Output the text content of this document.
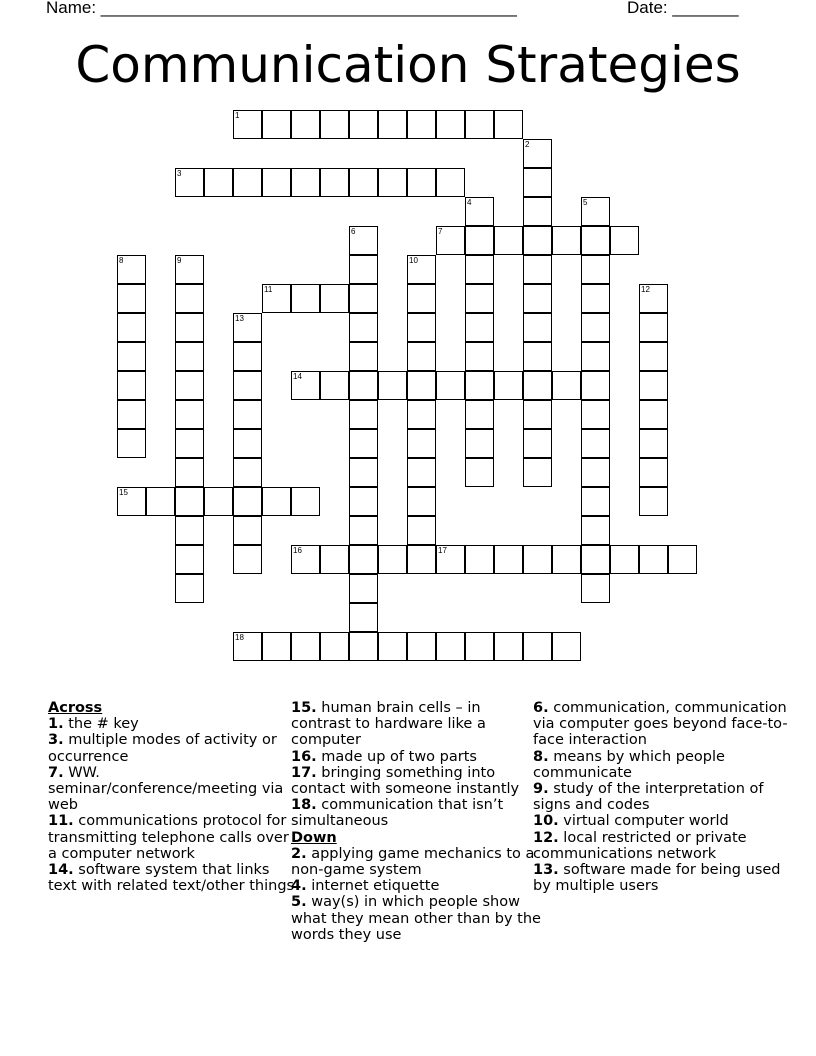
Name: ____________________________________________	Date: _______
Communication Strategies
1
2
3
4	5
6	7
8	9	10
11	12
13
14
15
16	17
18
Across
1. the # key
3. multiple modes of activity or occurrence
7. WW. seminar/conference/meeting via web
11. communications protocol for transmitting telephone calls over a computer network
14. software system that links text with related text/other things
15. human brain cells – in contrast to hardware like a computer
16. made up of two parts
17. bringing something into contact with someone instantly
18. communication that isn’t simultaneous
Down
2. applying game mechanics to a non-game system
4. internet etiquette
5. way(s) in which people show what they mean other than by the words they use
6. communication, communication via computer goes beyond face-to-face interaction
8. means by which people communicate
9. study of the interpretation of signs and codes
10. virtual computer world
12. local restricted or private communications network
13. software made for being used by multiple users
